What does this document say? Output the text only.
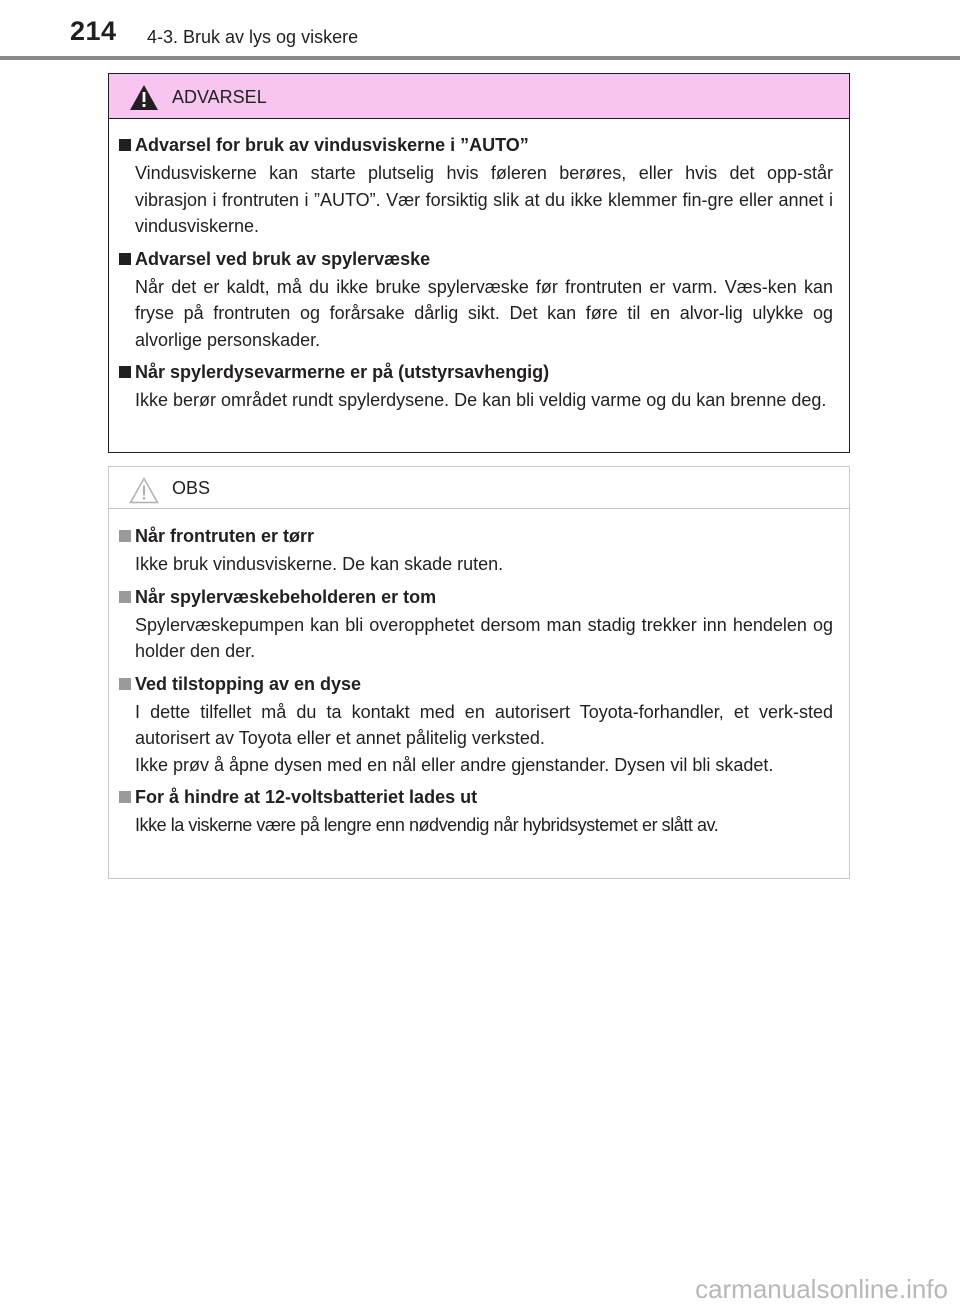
214 4-3. Bruk av lys og viskere
ADVARSEL
Advarsel for bruk av vindusviskerne i ”AUTO”
Vindusviskerne kan starte plutselig hvis føleren berøres, eller hvis det opp-står vibrasjon i frontruten i ”AUTO”. Vær forsiktig slik at du ikke klemmer fin-gre eller annet i vindusviskerne.
Advarsel ved bruk av spylervæske
Når det er kaldt, må du ikke bruke spylervæske før frontruten er varm. Væs-ken kan fryse på frontruten og forårsake dårlig sikt. Det kan føre til en alvor-lig ulykke og alvorlige personskader.
Når spylerdysevarmerne er på (utstyrsavhengig)
Ikke berør området rundt spylerdysene. De kan bli veldig varme og du kan brenne deg.
OBS
Når frontruten er tørr
Ikke bruk vindusviskerne. De kan skade ruten.
Når spylervæskebeholderen er tom
Spylervæskepumpen kan bli overopphetet dersom man stadig trekker inn hendelen og holder den der.
Ved tilstopping av en dyse
I dette tilfellet må du ta kontakt med en autorisert Toyota-forhandler, et verk-sted autorisert av Toyota eller et annet pålitelig verksted.
Ikke prøv å åpne dysen med en nål eller andre gjenstander. Dysen vil bli skadet.
For å hindre at 12-voltsbatteriet lades ut
Ikke la viskerne være på lengre enn nødvendig når hybridsystemet er slått av.
carmanualsonline.info
